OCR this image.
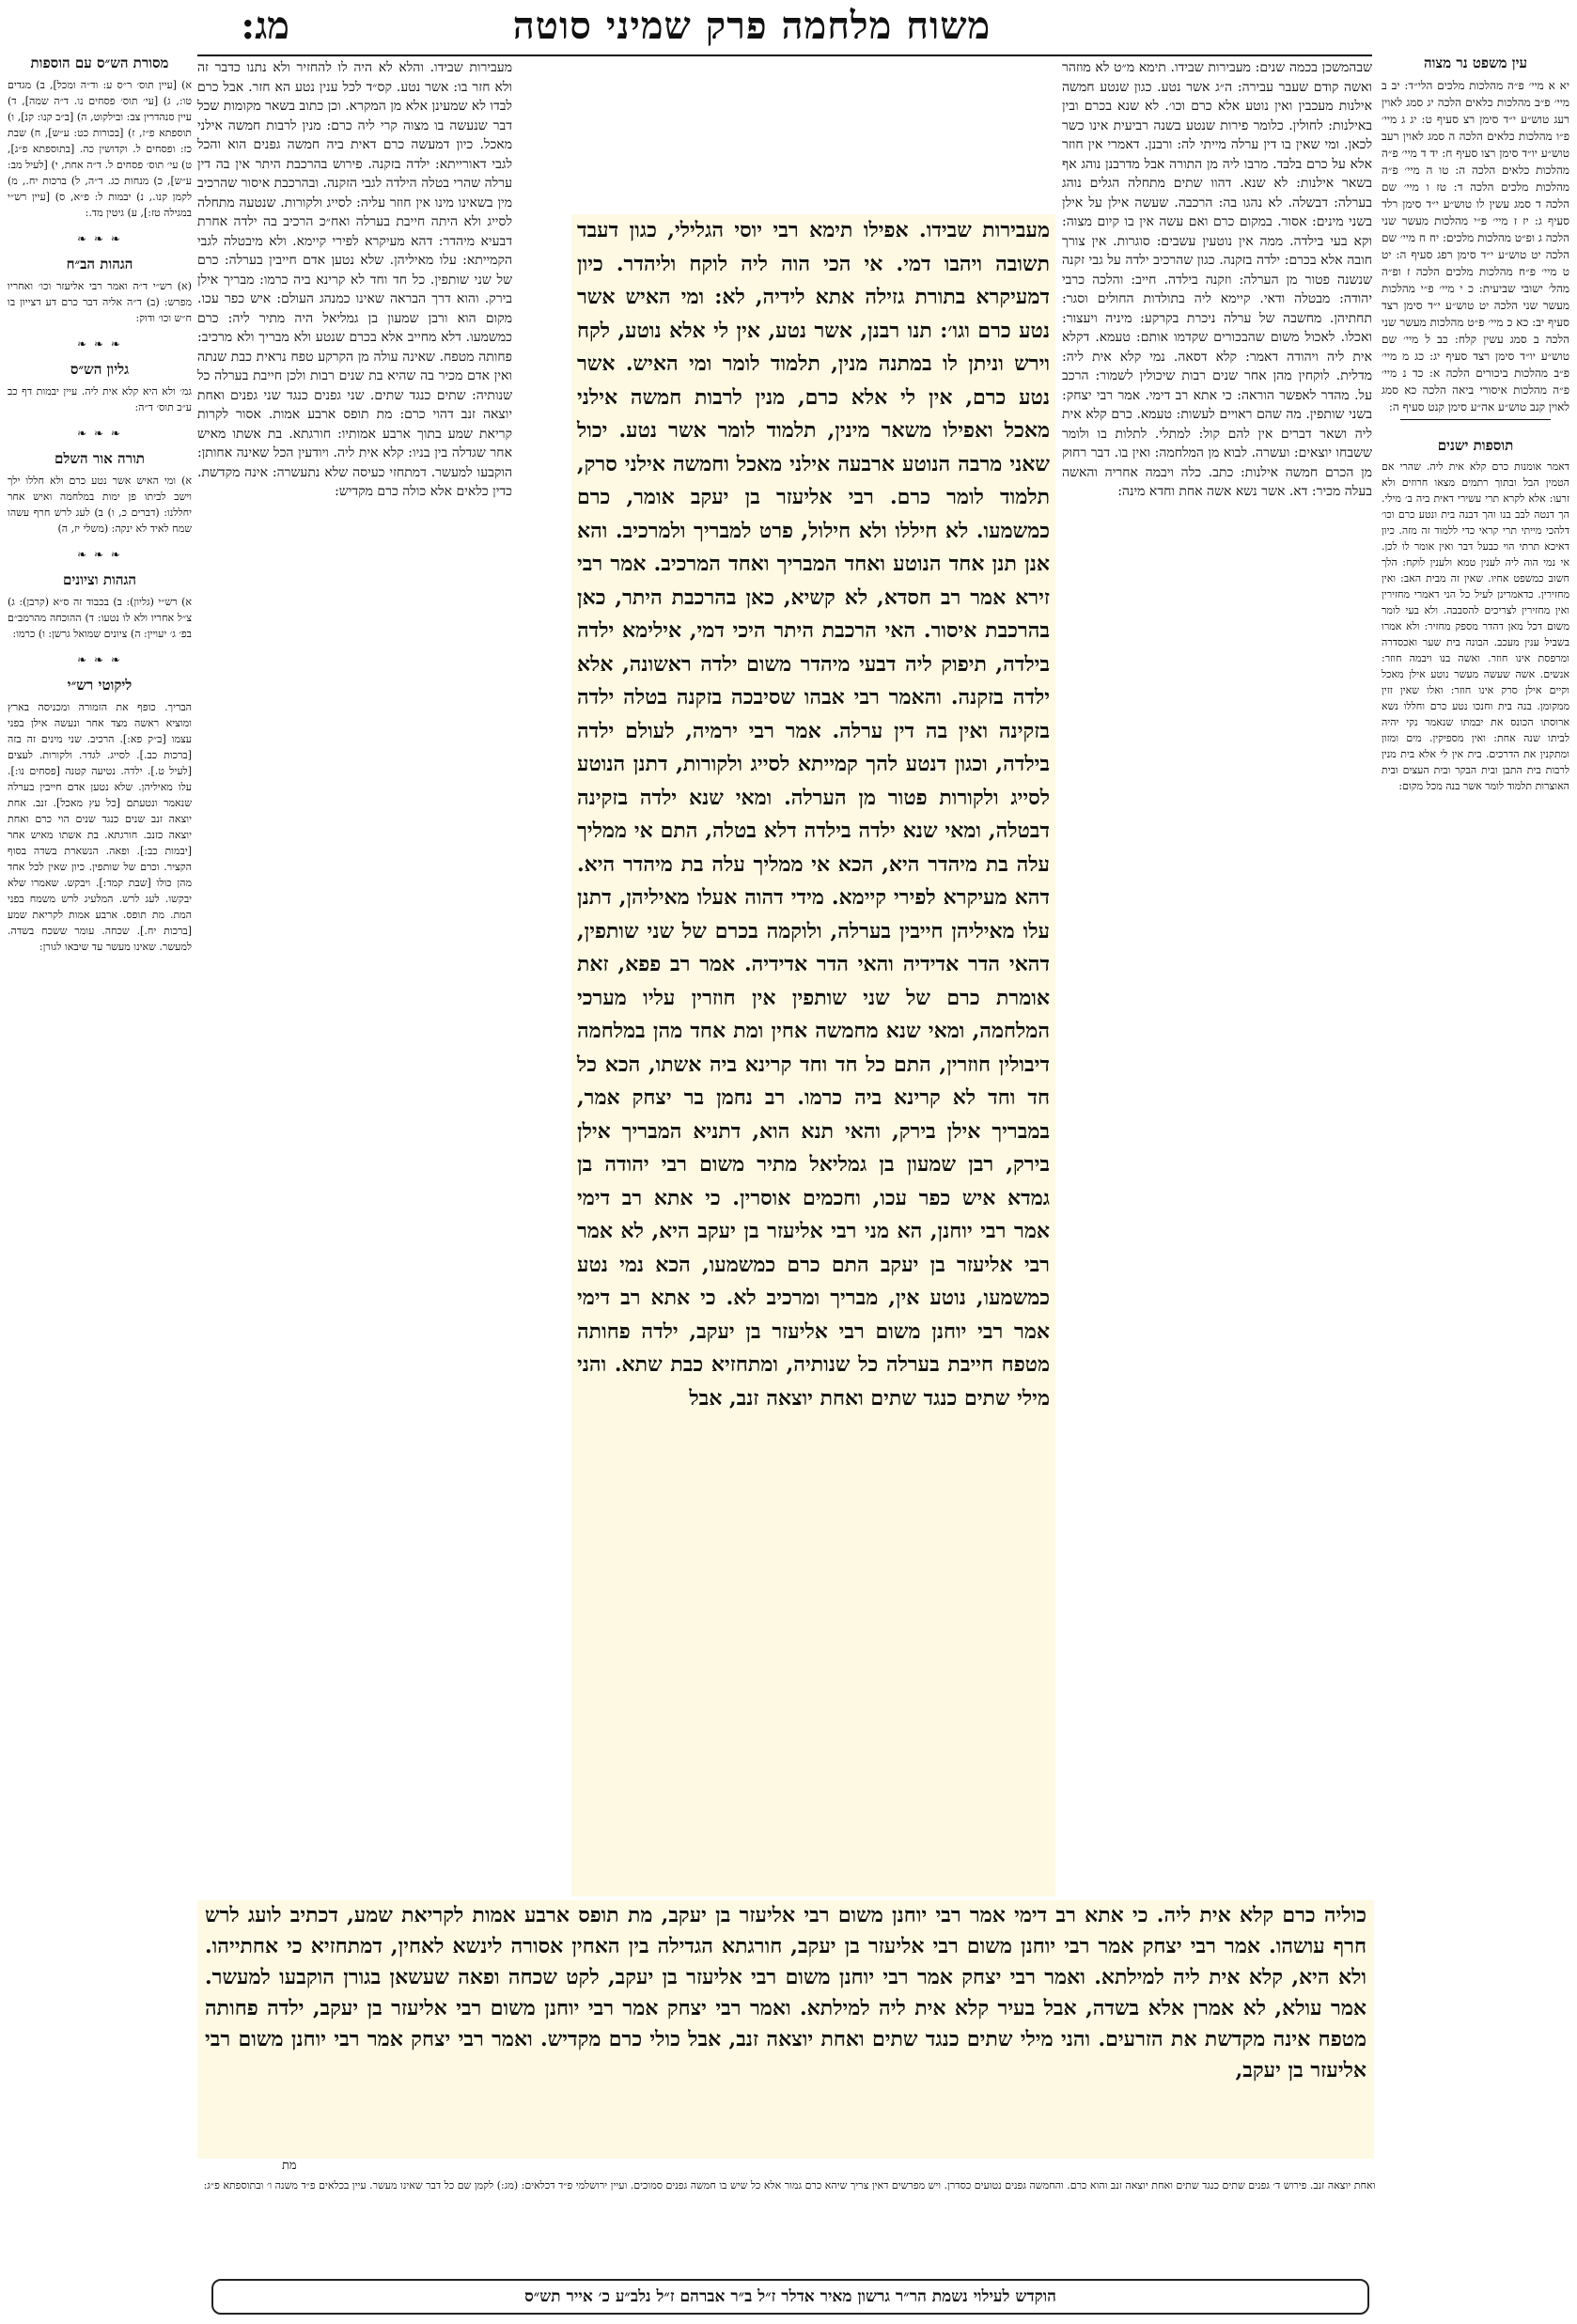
מג:	משוח מלחמה פרק שמיני סוטה
עין משפט נר מצוה
יא א מיי׳ פ״ה מהלכות מלכים הלי״ד: יב ב מיי׳ פ״ב מהלכות כלאים הלכה יג סמג לאוין רעג טוש״ע י״ד סימן רצ סעיף ט: יג ג מיי׳ פ״ו מהלכות כלאים הלכה ה סמג לאוין רעב טוש״ע יו״ד סימן רצו סעיף ח: יד ד מיי׳ פ״ה מהלכות כלאים הלכה ה: טו ה מיי׳ פ״ה מהלכות מלכים הלכה ד: טז ו מיי׳ שם הלכה ד סמג עשין לו טוש״ע י״ד סימן רלד סעיף ג: יז ז מיי׳ פ״י מהלכות מעשר שני הלכה ג ופ״ט מהלכות מלכים: יח ח מיי׳ שם הלכה יט טוש״ע י״ד סימן רפג סעיף ה: יט ט מיי׳ פ״ח מהלכות מלכים הלכה ז ופ״ה מהל׳ ישובי שביעית: כ י מיי׳ פ״י מהלכות מעשר שני הלכה יט טוש״ע י״ד סימן רצד סעיף יב: כא כ מיי׳ פ״ט מהלכות מעשר שני הלכה ב סמג עשין קלח: כב ל מיי׳ שם טוש״ע יו״ד סימן רצד סעיף יג: כג מ מיי׳ פ״ב מהלכות ביכורים הלכה א: כד נ מיי׳ פ״ה מהלכות איסורי ביאה הלכה כא סמג לאוין קנב טוש״ע אה״ע סימן קנט סעיף ה:
תוספות ישנים
דאמר אומנות כרם קלא אית ליה. שהרי אם הטמין הבל ובתוך רתמים מצאו חרוזים ולא זרעו: אלא לקרא תרי עשירי דאית ביה ב׳ מילי. הך דנטה לבב בנו והך דבנה בית ונטע כרם וכו׳ דלהכי מייתי תרי קראי כדי ללמוד זה מזה. כיון דאיכא תרתי הוי כבעל דבר ואין אומר לו לכן. אי נמי הוה ליה לענין טמא ולענין לוקח: הלך חשוב כמשפט אחיו. שאין זה מבית האב: ואין מחזירין. כדאמרינן לעיל כל הני דאמרי מחזירין ואין מחזירין לצריכים להסבבה. ולא בעי לומר משום דכל מאן דהדר מספק מחזיר: ולא אמרו בשביל ענין מעכב. הבונה בית שער ואכסדרה ומרפסת אינו חוזר. ואשה בנו ויבמה חוזר: אנשים. אשה שעשה מעשר נוטע אילן מאכל וקיים אילן סרק אינו חוזר: ואלו שאין זזין ממקומן. בנה בית וחנכו נטע כרם וחללו נשא ארוסתו הכונס את יבמתו שנאמר נקי יהיה לביתו שנה אחת: ואין מספיקין. מים ומזון ומתקנין את הדרכים. בית אין לי אלא בית מנין לרבות בית התבן ובית הבקר ובית העצים ובית האוצרות תלמוד לומר אשר בנה מכל מקום:
שבהמשכן בכמה שנים: מעבירות שבידו. תימא מ״ט לא מוזהר ואשה קודם שעבר עבירה: ה״ג אשר נטע. כגון שנטע חמשה אילנות מעכבין ואין נוטע אלא כרם וכו׳. לא שנא בכרם ובין באילנות: לחולין. כלומר פירות שנטע בשנה רביעית אינו כשר לכאן. ומי שאין בו דין ערלה מייתי לה: ורבנן. דאמרי אין חוזר אלא על כרם בלבד. מרבו ליה מן התורה אבל מדרבנן נוהג אף בשאר אילנות: לא שנא. דהוו שתים מתחלה הגלים נוהג בערלה: דבשלה. לא נהגו בה: הרכבה. שעשה אילן על אילן בשני מינים: אסור. במקום כרם ואם עשה אין בו קיום מצוה: וקא בעי בילדה. ממה אין נוטעין עשבים: סוגרות. אין צורך חובה אלא בכרם: ילדה בזקנה. כגון שהרכיב ילדה על גבי זקנה שנשנה פטור מן הערלה: וזקנה בילדה. חייב: והלכה כרבי יהודה: מבטלה ודאי. קיימא ליה בתולדות החולים וסגר: תחתיהן. מחשבה של ערלה ניכרת בקרקע: מיניה ויעצור: ואכלו. לאכול משום שהבכורים שקדמו אותם: טעמא. דקלא אית ליה ויהודה דאמר: קלא דסאה. נמי קלא אית ליה: מדלית. לוקחין מהן אחר שנים רבות שיכולין לשמור: הרכב על. מהדר לאפשר הוראה: כי אתא רב דימי. אמר רבי יצחק: בשני שותפין. מה שהם ראויים לעשות: טעמא. כרם קלא אית ליה ושאר דברים אין להם קול: למתלי. לתלות בו ולומר ששבחו יוצאים: ועשרה. לבוא מן המלחמה: ואין בו. דבר רחוק מן הכרם חמשה אילנות: כתב. כלה ויבמה אחריה והאשה בעלה מכיר: דא. אשר נשא אשה אחת וחדא מינה:
מעבירות שבידו. והלא לא היה לו להחזיר ולא נתנו כדבר זה ולא חזר בו: אשר נטע. קס״ד לכל ענין נטע הא חזר. אבל כרם לבדו לא שמעינן אלא מן המקרא. וכן כתוב בשאר מקומות שכל דבר שנעשה בו מצוה קרי ליה כרם: מנין לרבות חמשה אילני מאכל. כיון דמעשה כרם דאית ביה חמשה גפנים הוא והכל לגבי דאורייתא: ילדה בזקנה. פירוש בהרכבת היתר אין בה דין ערלה שהרי בטלה הילדה לגבי הזקנה. ובהרכבת איסור שהרכיב מין בשאינו מינו אין חוזר עליה: לסייג ולקורות. שנטעה מתחלה לסייג ולא היתה חייבת בערלה ואח״כ הרכיב בה ילדה אחרת דבעיא מיהדר: דהא מעיקרא לפירי קיימא. ולא מיבטלה לגבי הקמייתא: עלו מאיליהן. שלא נטען אדם חייבין בערלה: כרם של שני שותפין. כל חד וחד לא קרינא ביה כרמו: מבריך אילן בירק. והוא דרך הבראה שאינו כמנהג העולם: איש כפר עכו. מקום הוא ורבן שמעון בן גמליאל היה מתיר ליה: כרם כמשמעו. דלא מחייב אלא בכרם שנטע ולא מבריך ולא מרכיב: פחותה מטפח. שאינה עולה מן הקרקע טפח נראית כבת שנתה ואין אדם מכיר בה שהיא בת שנים רבות ולכן חייבת בערלה כל שנותיה: שתים כנגד שתים. שני גפנים כנגד שני גפנים ואחת יוצאה זנב דהוי כרם: מת תופס ארבע אמות. אסור לקרות קריאת שמע בתוך ארבע אמותיו: חורגתא. בת אשתו מאיש אחר שגדלה בין בניו: קלא אית ליה. ויודעין הכל שאינה אחותן: הוקבעו למעשר. דמתחזי כעיסה שלא נתעשרה: אינה מקדשת. כדין כלאים אלא כולה כרם מקדיש:
מעבירות שבידו. אפילו תימא רבי יוסי הגלילי, כגון דעבד תשובה ויהבו דמי. אי הכי הוה ליה לוקח וליהדר. כיון דמעיקרא בתורת גזילה אתא לידיה, לא: ומי האיש אשר נטע כרם וגו׳: תנו רבנן, אשר נטע, אין לי אלא נוטע, לקח וירש וניתן לו במתנה מנין, תלמוד לומר ומי האיש. אשר נטע כרם, אין לי אלא כרם, מנין לרבות חמשה אילני מאכל ואפילו משאר מינין, תלמוד לומר אשר נטע. יכול שאני מרבה הנוטע ארבעה אילני מאכל וחמשה אילני סרק, תלמוד לומר כרם. רבי אליעזר בן יעקב אומר, כרם כמשמעו. לא חיללו ולא חילול, פרט למבריך ולמרכיב. והא אנן תנן אחד הנוטע ואחד המבריך ואחד המרכיב. אמר רבי זירא אמר רב חסדא, לא קשיא, כאן בהרכבת היתר, כאן בהרכבת איסור. האי הרכבת היתר היכי דמי, אילימא ילדה בילדה, תיפוק ליה דבעי מיהדר משום ילדה ראשונה, אלא ילדה בזקנה. והאמר רבי אבהו שסיבכה בזקנה בטלה ילדה בזקינה ואין בה דין ערלה. אמר רבי ירמיה, לעולם ילדה בילדה, וכגון דנטע להך קמייתא לסייג ולקורות, דתנן הנוטע לסייג ולקורות פטור מן הערלה. ומאי שנא ילדה בזקינה דבטלה, ומאי שנא ילדה בילדה דלא בטלה, התם אי ממליך עלה בת מיהדר היא, הכא אי ממליך עלה בת מיהדר היא. דהא מעיקרא לפירי קיימא. מידי דהוה אעלו מאיליהן, דתנן עלו מאיליהן חייבין בערלה, ולוקמה בכרם של שני שותפין, דהאי הדר אדידיה והאי הדר אדידיה. אמר רב פפא, זאת אומרת כרם של שני שותפין אין חוזרין עליו מערכי המלחמה, ומאי שנא מחמשה אחין ומת אחד מהן במלחמה דיבולין חוזרין, התם כל חד וחד קרינא ביה אשתו, הכא כל חד וחד לא קרינא ביה כרמו. רב נחמן בר יצחק אמר, במבריך אילן בירק, והאי תנא הוא, דתניא המבריך אילן בירק, רבן שמעון בן גמליאל מתיר משום רבי יהודה בן גמדא איש כפר עכו, וחכמים אוסרין. כי אתא רב דימי אמר רבי יוחנן, הא מני רבי אליעזר בן יעקב היא, לא אמר רבי אליעזר בן יעקב התם כרם כמשמעו, הכא נמי נטע כמשמעו, נוטע אין, מבריך ומרכיב לא. כי אתא רב דימי אמר רבי יוחנן משום רבי אליעזר בן יעקב, ילדה פחותה מטפח חייבת בערלה כל שנותיה, ומתחזיא כבת שתא. והני מילי שתים כנגד שתים ואחת יוצאה זנב, אבל
כוליה כרם קלא אית ליה. כי אתא רב דימי אמר רבי יוחנן משום רבי אליעזר בן יעקב, מת תופס ארבע אמות לקריאת שמע, דכתיב לועג לרש חרף עושהו. אמר רבי יצחק אמר רבי יוחנן משום רבי אליעזר בן יעקב, חורגתא הגדילה בין האחין אסורה לינשא לאחין, דמתחזיא כי אחתייהו. ולא היא, קלא אית ליה למילתא. ואמר רבי יצחק אמר רבי יוחנן משום רבי אליעזר בן יעקב, לקט שכחה ופאה שעשאן בגורן הוקבעו למעשר. אמר עולא, לא אמרן אלא בשדה, אבל בעיר קלא אית ליה למילתא. ואמר רבי יצחק אמר רבי יוחנן משום רבי אליעזר בן יעקב, ילדה פחותה מטפח אינה מקדשת את הזרעים. והני מילי שתים כנגד שתים ואחת יוצאה זנב, אבל כולי כרם מקדיש. ואמר רבי יצחק אמר רבי יוחנן משום רבי אליעזר בן יעקב,
מת
מסורת הש״ס עם הוספות
א) [עיין תוס׳ ר״ס ע: וד״ה ומכל], ב) מגדים טו:, ג) [עי׳ תוס׳ פסחים נו. ד״ה שמה], ד) עיין סנהדרין צב: ובילקוט, ה) [ב״ב קנו: קנ], ו) תוספתא פ״ז, ז) [בכורות כט: ע״ש], ח) שבת כז: ופסחים ל. וקדושין כה. [בתוספתא פ״ג], ט) עי׳ תוס׳ פסחים ל. ד״ה אחת, י) [לעיל מב: ע״ש], כ) מנחות כג. ד״ה, ל) ברכות יח., מ) לקמן קנו., נ) יבמות ל: פ״א, ס) [עיין רש״י במגילה טז:], ע) גיטין מד.:
❧ ❧ ❧
הגהות הב״ח
(א) רש״י ד״ה ואמר רבי אליעזר וכו׳ ואחריו מפרש: (ב) ד״ה אליה דבר כרם דע דצייון בו ח״ש וכו׳ ודוק:
❧ ❧ ❧
גליון הש״ס
גמ׳ ולא היא קלא אית ליה. עיין יבמות דף כב ע״ב תוס׳ ד״ה:
❧ ❧ ❧
תורה אור השלם
א) ומי האיש אשר נטע כרם ולא חללו ילך וישב לביתו פן ימות במלחמה ואיש אחר יחללנו: (דברים כ, ו) ב) לעג לרש חרף עשהו שמח לאיד לא ינקה: (משלי יז, ה)
❧ ❧ ❧
הגהות וציונים
א) רש״י (גליון): ב) בכבוד זה ס״א (קרבן): ג) צ״ל אחריו ולא לו נטעו: ד) ההוכחה מהרמב״ם בפ׳ ג׳ יעויין: ה) ציונים שמואל גרשן: ו) כרמו:
❧ ❧ ❧
ליקוטי רש״י
הבריך. כופף את הזמורה ומכניסה בארץ ומוציא ראשה מצד אחר ונעשה אילן בפני עצמו [ב״ק פא:]. הרכיב. שני מינים זה בזה [ברכות כב.]. לסייג. לגדר. ולקורות. לעצים [לעיל ט.]. ילדה. נטיעה קטנה [פסחים נו:]. עלו מאיליהן. שלא נטען אדם חייבין בערלה שנאמר ונטעתם [כל עץ מאכל]. זנב. אחת יוצאה זנב שנים כנגד שנים הוי כרם ואחת יוצאה כזנב. חורגתא. בת אשתו מאיש אחר [יבמות כב:]. ופאה. הנשארת בשדה בסוף הקציר. וכרם של שותפין. כיון שאין לכל אחד מהן כולו [שבת קמד:]. ויבקש. שאמרו שלא יבקשו. לעג לרש. המלעיג לרש משמח בפני המת. מת תופס. ארבע אמות לקריאת שמע [ברכות יח.]. שכחה. עומר ששכח בשדה. למעשר. שאינו מעשר עד שיבאו לגורן:
ואחת יוצאה זנב. פירוש ד׳ גפנים שתים כנגד שתים ואחת יוצאה זנב והוא כרם. והחמשה גפנים נטועים כסדרן. ויש מפרשים דאין צריך שיהא כרם גמור אלא כל שיש בו חמשה גפנים סמוכים. ועיין ירושלמי פ״ד דכלאים: (מג:) לקמן שם כל דבר שאינו מעשר. עיין בכלאים פ״ד משנה ו׳ ובתוספתא פ״ג:
הוקדש לעילוי נשמת הר״ר גרשון מאיר אדלר ז״ל ב״ר אברהם ז״ל נלב״ע כ׳ אייר תש״ס
